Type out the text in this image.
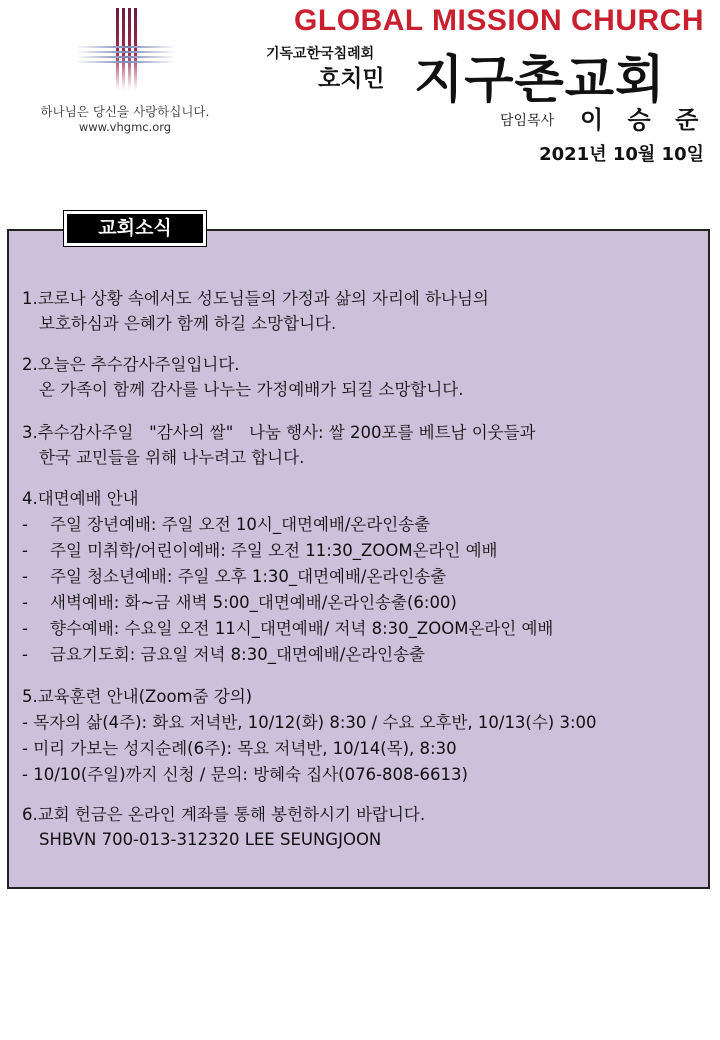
하나님은 당신을 사랑하십니다.
www.vhgmc.org
GLOBAL MISSION CHURCH
기독교한국침례회
호치민 지구촌교회
담임목사 이 승 준
2021년 10월 10일
교회소식
1.코로나 상황 속에서도 성도님들의 가정과 삶의 자리에 하나님의
보호하심과 은혜가 함께 하길 소망합니다.
2.오늘은 추수감사주일입니다.
온 가족이 함께 감사를 나누는 가정예배가 되길 소망합니다.
3.추수감사주일   "감사의 쌀"   나눔 행사: 쌀 200포를 베트남 이웃들과
한국 교민들을 위해 나누려고 합니다.
4.대면예배 안내
- 주일 장년예배: 주일 오전 10시_대면예배/온라인송출
- 주일 미취학/어린이예배: 주일 오전 11:30_ZOOM온라인 예배
- 주일 청소년예배: 주일 오후 1:30_대면예배/온라인송출
- 새벽예배: 화~금 새벽 5:00_대면예배/온라인송출(6:00)
- 향수예배: 수요일 오전 11시_대면예배/ 저녁 8:30_ZOOM온라인 예배
- 금요기도회: 금요일 저녁 8:30_대면예배/온라인송출
5.교육훈련 안내(Zoom줌 강의)
- 목자의 삶(4주): 화요 저녁반, 10/12(화) 8:30 / 수요 오후반, 10/13(수) 3:00
- 미리 가보는 성지순례(6주): 목요 저녁반, 10/14(목), 8:30
- 10/10(주일)까지 신청 / 문의: 방혜숙 집사(076-808-6613)
6.교회 헌금은 온라인 계좌를 통해 봉헌하시기 바랍니다.
SHBVN 700-013-312320 LEE SEUNGJOON
